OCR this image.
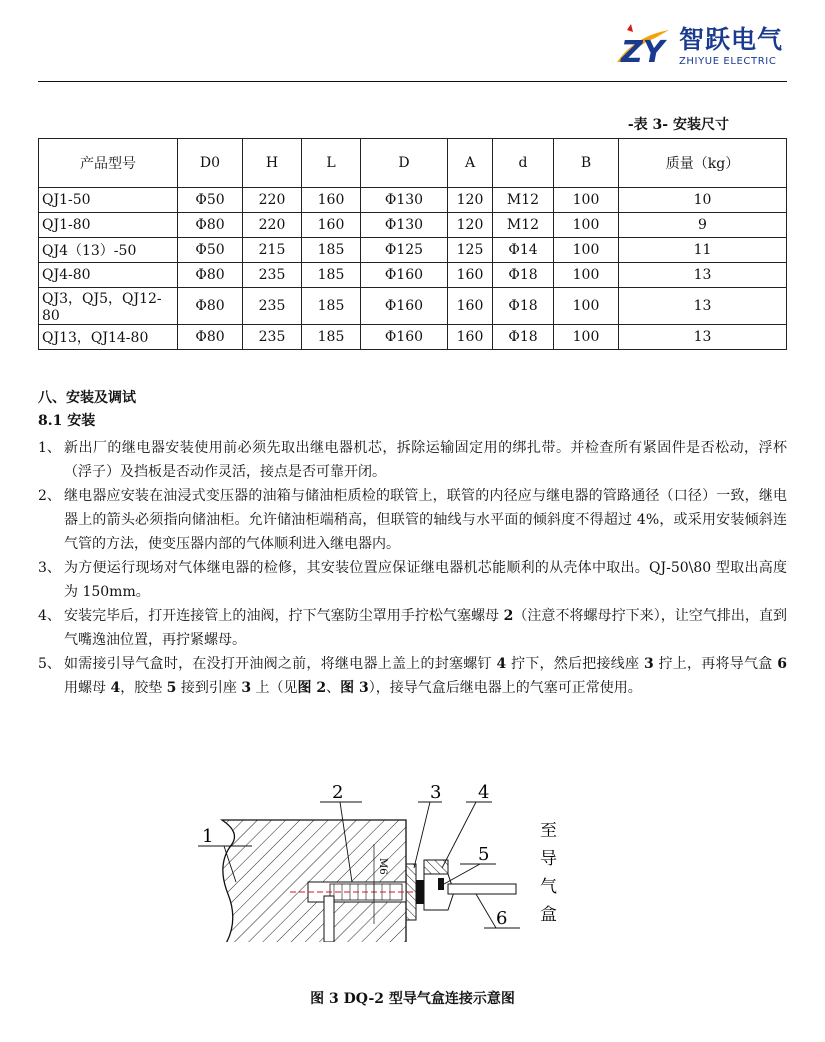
ZY 智跃电气
ZHIYUE ELECTRIC
-表 3- 安装尺寸
产品型号	D0	H	L	D	A	d	B	质量（kg）
QJ1-50	Φ50	220	160	Φ130	120	M12	100	10
QJ1-80	Φ80	220	160	Φ130	120	M12	100	9
QJ4（13）-50	Φ50	215	185	Φ125	125	Φ14	100	11
QJ4-80	Φ80	235	185	Φ160	160	Φ18	100	13
QJ3，QJ5，QJ12-80	Φ80	235	185	Φ160	160	Φ18	100	13
QJ13，QJ14-80	Φ80	235	185	Φ160	160	Φ18	100	13
八、安装及调试
8.1 安装
1、 新出厂的继电器安装使用前必须先取出继电器机芯，拆除运输固定用的绑扎带。并检查所有紧固件是否松动，浮杯（浮子）及挡板是否动作灵活，接点是否可靠开闭。
2、 继电器应安装在油浸式变压器的油箱与储油柜质检的联管上，联管的内径应与继电器的管路通径（口径）一致，继电器上的箭头必须指向储油柜。允许储油柜端稍高，但联管的轴线与水平面的倾斜度不得超过 4%，或采用安装倾斜连气管的方法，使变压器内部的气体顺利进入继电器内。
3、 为方便运行现场对气体继电器的检修，其安装位置应保证继电器机芯能顺利的从壳体中取出。QJ-50\80 型取出高度为 150mm。
4、 安装完毕后，打开连接管上的油阀，拧下气塞防尘罩用手拧松气塞螺母 2（注意不将螺母拧下来），让空气排出，直到气嘴逸油位置，再拧紧螺母。
5、 如需接引导气盒时，在没打开油阀之前，将继电器上盖上的封塞螺钉 4 拧下，然后把接线座 3 拧上，再将导气盒 6 用螺母 4，胶垫 5 接到引座 3 上（见图 2、图 3），接导气盒后继电器上的气塞可正常使用。
M6
1
2	3 4
5
6
至
导
气
盒
图 3 DQ-2 型导气盒连接示意图
